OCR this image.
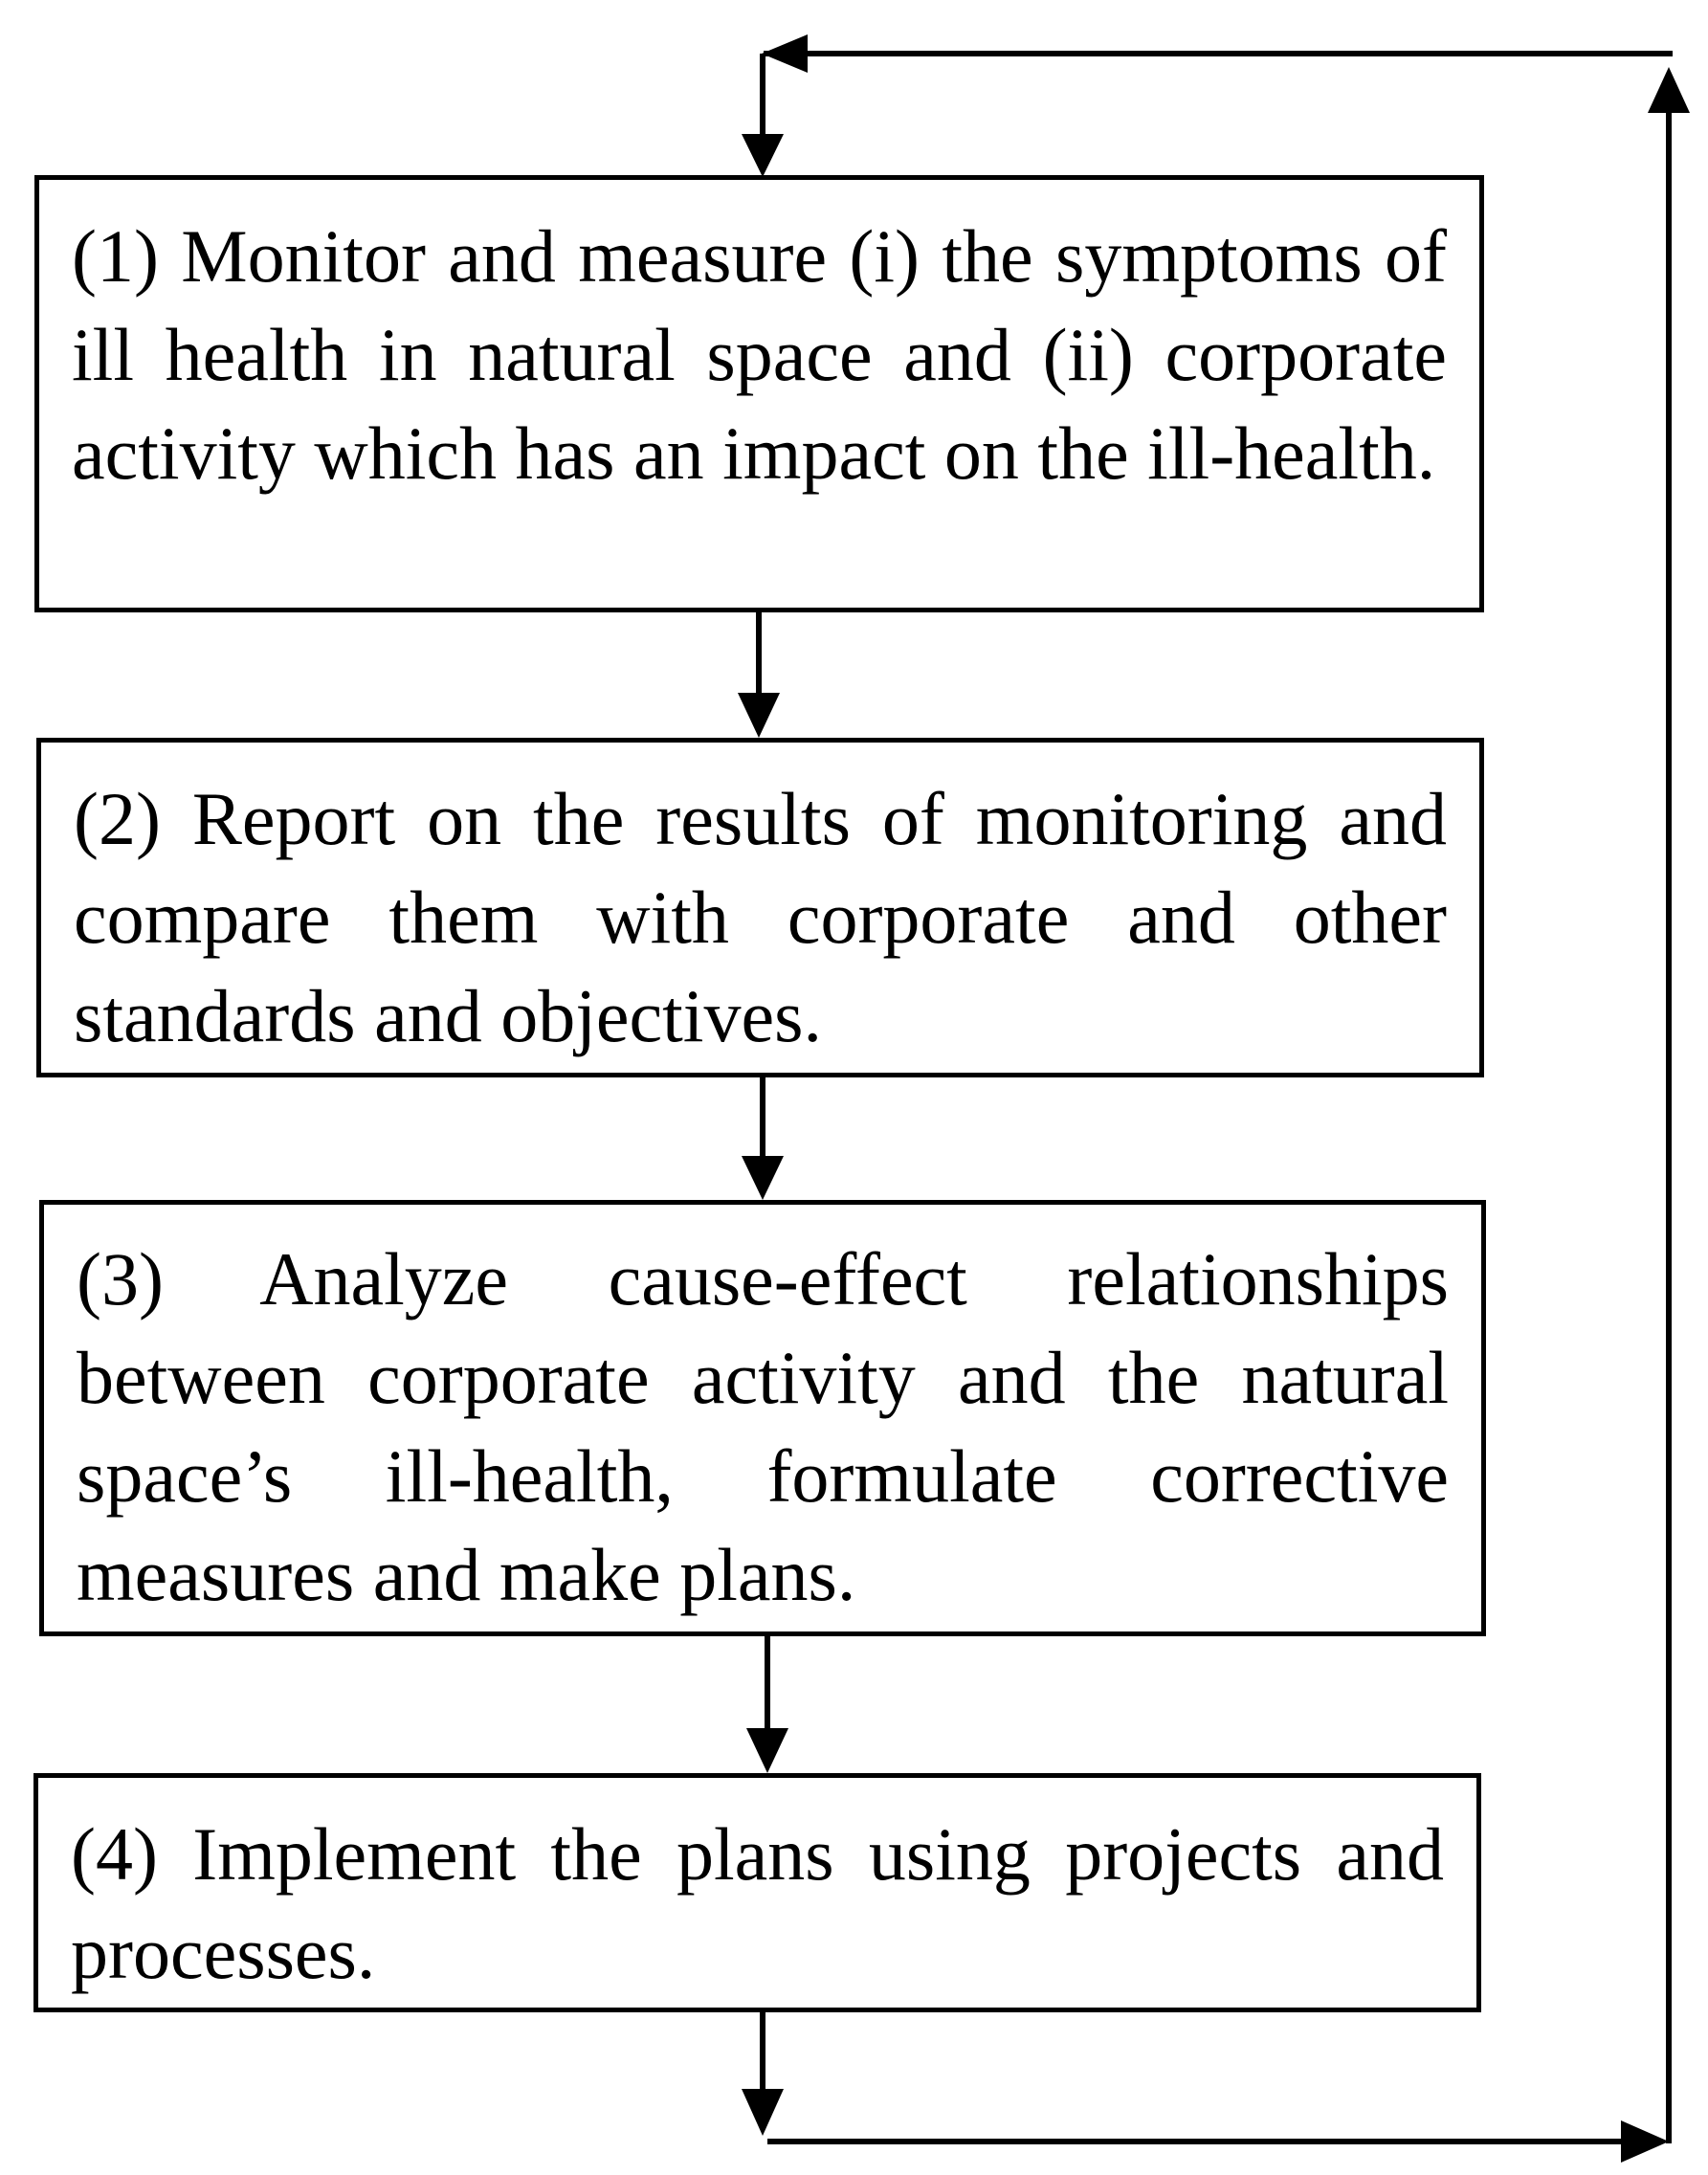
(1) Monitor and measure (i) the symptoms of ill health in natural space and (ii) corporate activity which has an impact on the ill-health.

(2) Report on the results of monitoring and compare them with corporate and other standards and objectives.

(3) Analyze cause-effect relationships between corporate activity and the natural space’s ill-health, formulate corrective measures and make plans.

(4) Implement the plans using projects and processes.
